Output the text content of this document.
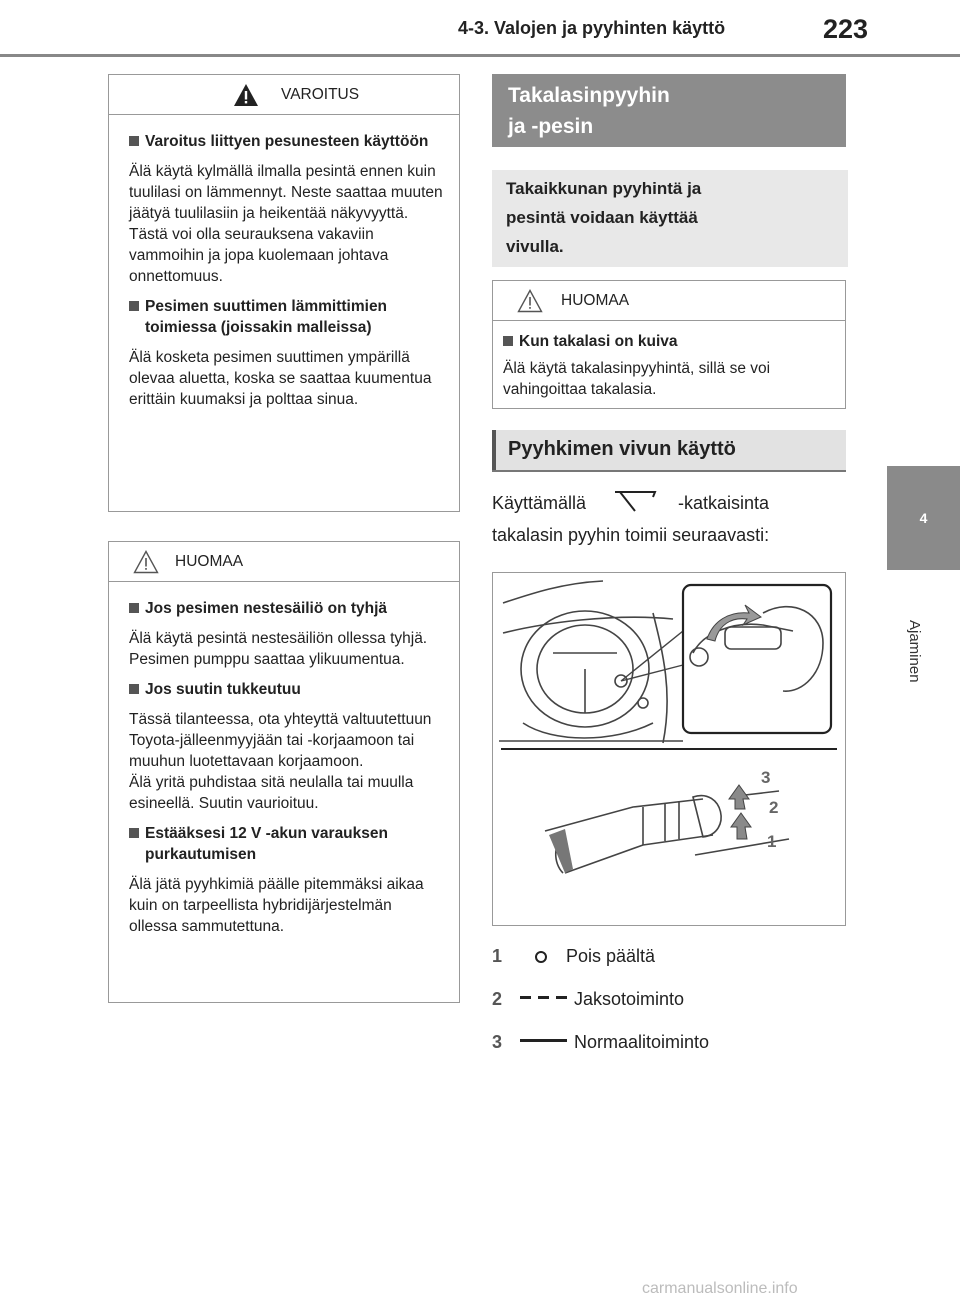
4-3. Valojen ja pyyhinten käyttö	223
4
Ajaminen
VAROITUS
Varoitus liittyen pesunesteen käyttöön
Älä käytä kylmällä ilmalla pesintä ennen kuin tuulilasi on lämmennyt. Neste saattaa muuten jäätyä tuulilasiin ja heikentää näkyvyyttä. Tästä voi olla seurauksena vakaviin vammoihin ja jopa kuolemaan johtava onnettomuus.
Pesimen suuttimen lämmittimien toimiessa (joissakin malleissa)
Älä kosketa pesimen suuttimen ympärillä olevaa aluetta, koska se saattaa kuumentua erittäin kuumaksi ja polttaa sinua.
HUOMAA
Jos pesimen nestesäiliö on tyhjä
Älä käytä pesintä nestesäiliön ollessa tyhjä. Pesimen pumppu saattaa ylikuumentua.
Jos suutin tukkeutuu
Tässä tilanteessa, ota yhteyttä valtuutettuun Toyota-jälleenmyyjään tai -korjaamoon tai muuhun luotettavaan korjaamoon.
Älä yritä puhdistaa sitä neulalla tai muulla esineellä. Suutin vaurioituu.
Estääksesi 12 V -akun varauksen purkautumisen
Älä jätä pyyhkimiä päälle pitemmäksi aikaa kuin on tarpeellista hybridijärjestelmän ollessa sammutettuna.
Takalasinpyyhin
ja -pesin
Takaikkunan pyyhintä ja
pesintä voidaan käyttää
vivulla.
HUOMAA
Kun takalasi on kuiva
Älä käytä takalasinpyyhintä, sillä se voi vahingoittaa takalasia.
Pyyhkimen vivun käyttö
Käyttämällä	-katkaisinta
takalasin pyyhin toimii seuraavasti:
3
2
1
1	Pois päältä
2	Jaksotoiminto
3	Normaalitoiminto
carmanualsonline.info
